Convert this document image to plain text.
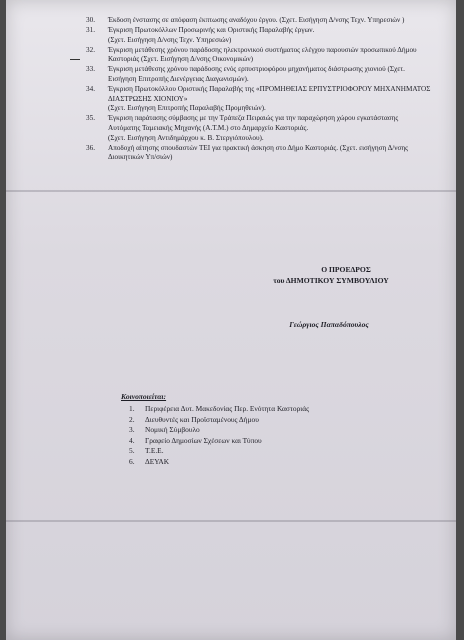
30. Έκδοση ένστασης σε απόφαση έκπτωσης αναδόχου έργου. (Σχετ. Εισήγηση Δ/νσης Τεχν. Υπηρεσιών )
31. Έγκριση Πρωτοκόλλων Προσωρινής και Οριστικής Παραλαβής έργων.
(Σχετ. Εισήγηση Δ/νσης Τεχν. Υπηρεσιών)
32. Έγκριση μετάθεσης χρόνου παράδοσης ηλεκτρονικού συστήματος ελέγχου παρουσιών προσωπικού Δήμου Καστοριάς (Σχετ. Εισήγηση Δ/νσης Οικονομικών)
33. Έγκριση μετάθεσης χρόνου παράδοσης ενός ερπυστριοφόρου μηχανήματος διάστρωσης χιονιού (Σχετ. Εισήγηση Επιτροπής Διενέργειας Διαγωνισμών).
34. Έγκριση Πρωτοκόλλου Οριστικής Παραλαβής της «ΠΡΟΜΗΘΕΙΑΣ ΕΡΠΥΣΤΡΙΟΦΟΡΟΥ ΜΗΧΑΝΗΜΑΤΟΣ ΔΙΑΣΤΡΩΣΗΣ ΧΙΟΝΙΟΥ»
(Σχετ. Εισήγηση Επιτροπής Παραλαβής Προμηθειών).
35. Έγκριση παράτασης σύμβασης με την Τράπεζα Πειραιώς για την παραχώρηση χώρου εγκατάστασης Αυτόματης Ταμειακής Μηχανής (Α.Τ.Μ.) στο Δημαρχείο Καστοριάς.
(Σχετ. Εισήγηση Αντιδημάρχου κ. Β. Στεργιόπουλου).
36. Αποδοχή αίτησης σπουδαστών ΤΕΙ για πρακτική άσκηση στο Δήμο Καστοριάς. (Σχετ. εισήγηση Δ/νσης Διοικητικών Υπ/σιών)
Ο ΠΡΟΕΔΡΟΣ
του ΔΗΜΟΤΙΚΟΥ ΣΥΜΒΟΥΛΙΟΥ
Γεώργιος Παπαδόπουλος
Κοινοποιείται:
1. Περιφέρεια Δυτ. Μακεδονίας Περ. Ενότητα Καστοριάς
2. Διευθυντές και Προϊσταμένους Δήμου
3. Νομική Σύμβουλο
4. Γραφείο Δημοσίων Σχέσεων και Τύπου
5. Τ.Ε.Ε.
6. ΔΕΥΑΚ
